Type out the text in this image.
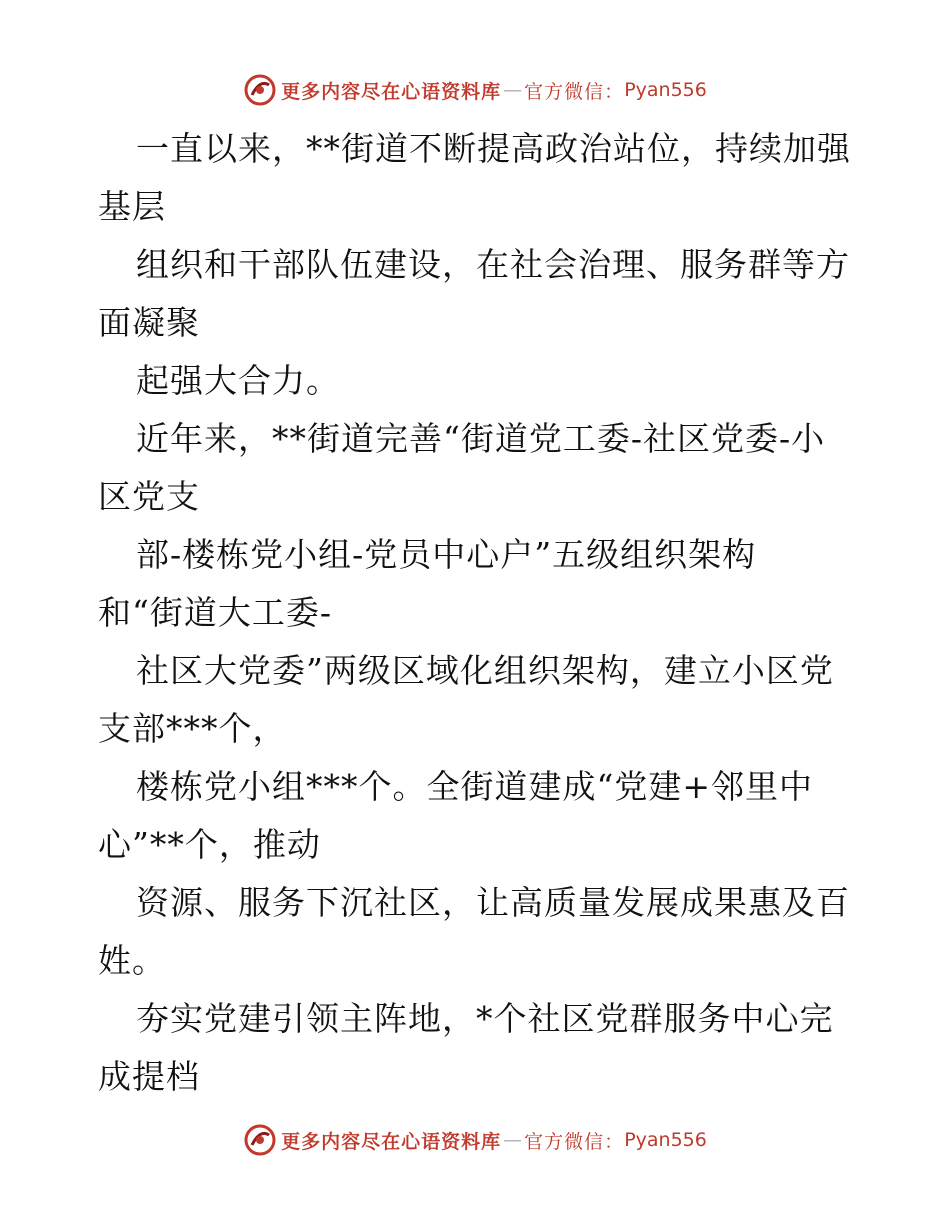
更多内容尽在心语资料库 — 官方微信： Pyan556
一直以来，**街道不断提高政治站位，持续加强
基层
组织和干部队伍建设，在社会治理、服务群等方
面凝聚
起强大合力。
近年来，**街道完善“街道党工委-社区党委-小
区党支
部-楼栋党小组-党员中心户”五级组织架构
和“街道大工委-
社区大党委”两级区域化组织架构，建立小区党
支部***个，
楼栋党小组***个。全街道建成“党建+邻里中
心”**个，推动
资源、服务下沉社区，让高质量发展成果惠及百
姓。
夯实党建引领主阵地，*个社区党群服务中心完
成提档
更多内容尽在心语资料库 — 官方微信： Pyan556
